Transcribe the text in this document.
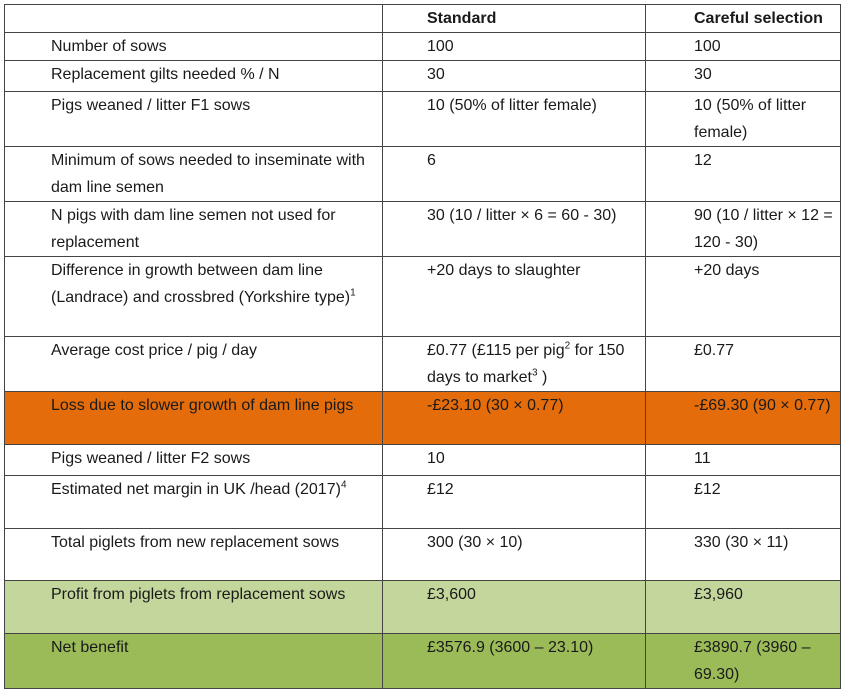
	Standard	Careful selection
Number of sows	100	100
Replacement gilts needed % / N	30	30
Pigs weaned / litter F1 sows	10 (50% of litter female)	10 (50% of litter female)
Minimum of sows needed to inseminate with dam line semen	6	12
N pigs with dam line semen not used for replacement	30 (10 / litter × 6 = 60 - 30)	90 (10 / litter × 12 = 120 - 30)
Difference in growth between dam line (Landrace) and crossbred (Yorkshire type)$^1$	+20 days to slaughter	+20 days
Average cost price / pig / day	£0.77 (£115 per pig$^2$ for 150 days to market$^3$ )	£0.77
Loss due to slower growth of dam line pigs	-£23.10 (30 × 0.77)	-£69.30 (90 × 0.77)
Pigs weaned / litter F2 sows	10	11
Estimated net margin in UK /head $(2017)^4$	£12	£12
Total piglets from new replacement sows	300 (30 × 10)	330 (30 × 11)
Profit from piglets from replacement sows	£3,600	£3,960
Net benefit	£3576.9 (3600 – 23.10)	£3890.7 (3960 – 69.30)
